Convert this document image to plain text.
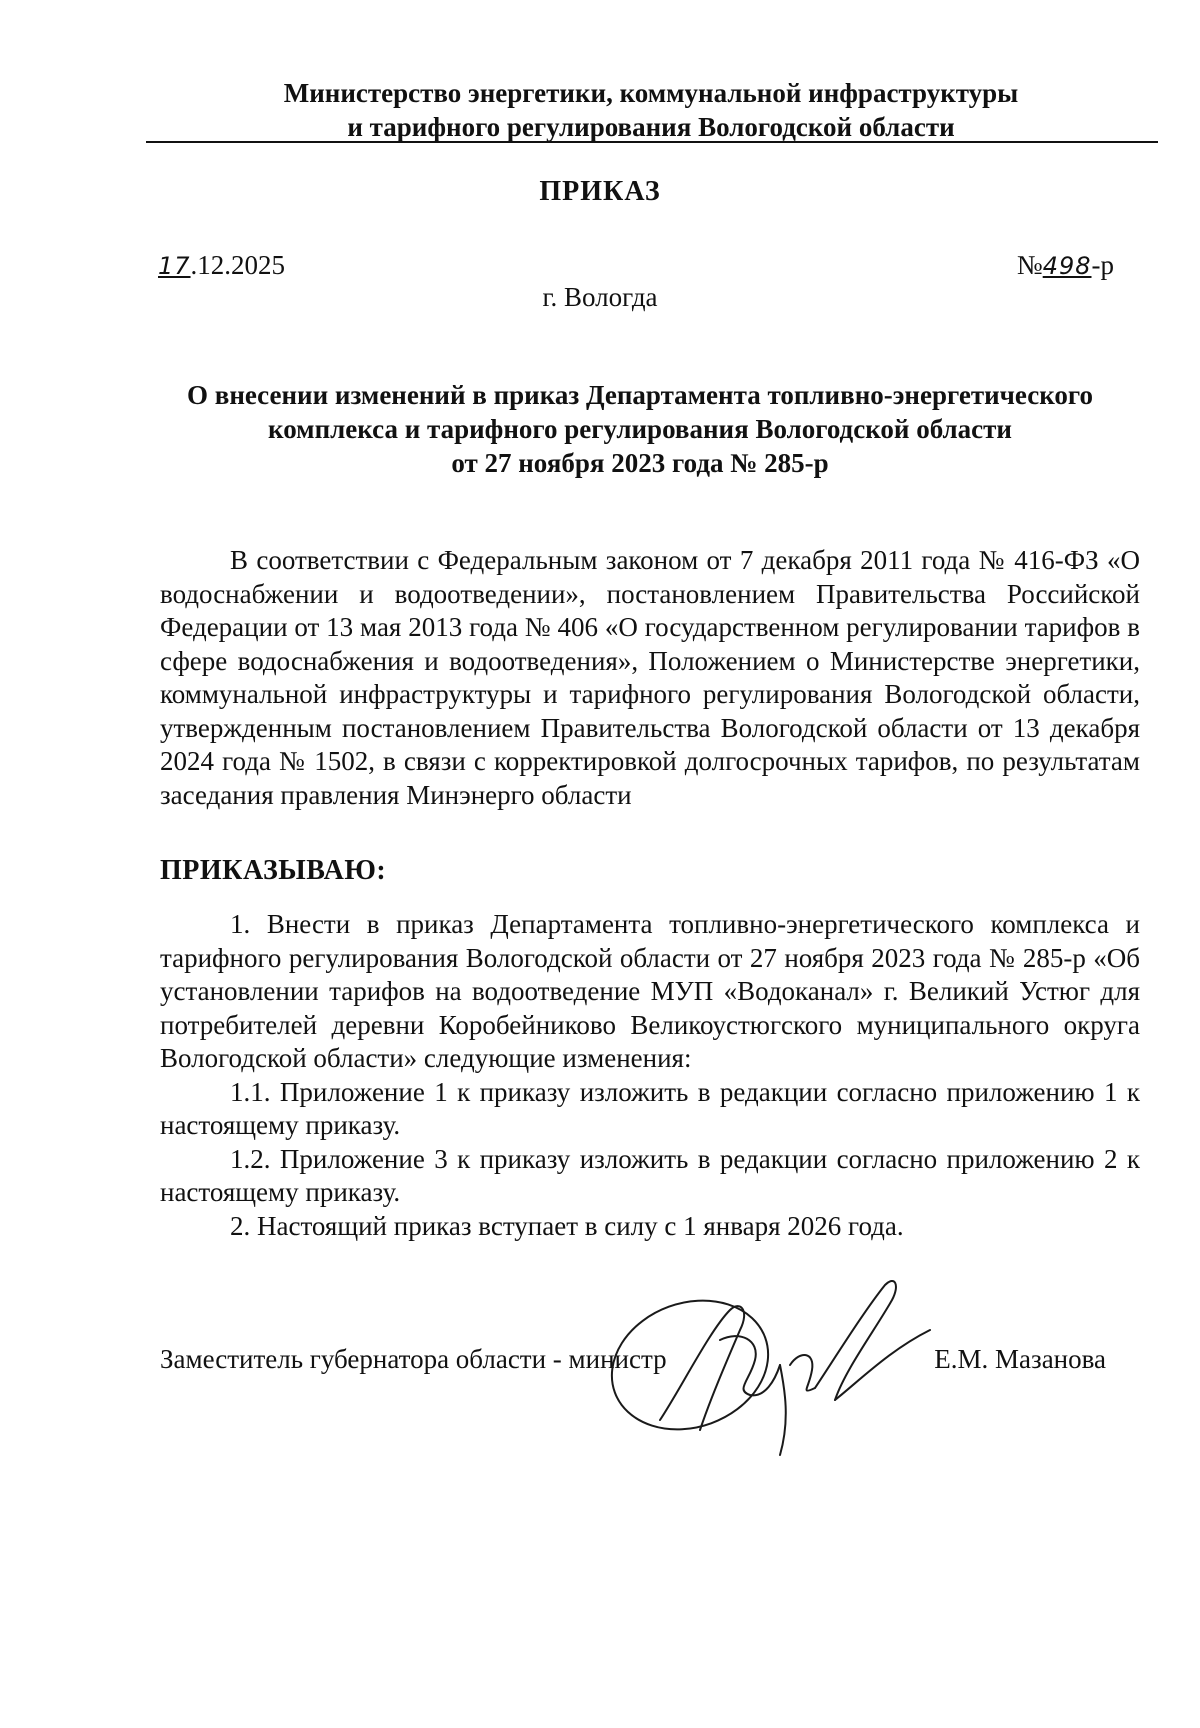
Министерство энергетики, коммунальной инфраструктуры
и тарифного регулирования Вологодской области
ПРИКАЗ
17.12.2025	№498-р
г. Вологда
О внесении изменений в приказ Департамента топливно-энергетического
комплекса и тарифного регулирования Вологодской области
от 27 ноября 2023 года № 285-р

В соответствии с Федеральным законом от 7 декабря 2011 года № 416-ФЗ «О водоснабжении и водоотведении», постановлением Правительства Российской Федерации от 13 мая 2013 года № 406 «О государственном регулировании тарифов в сфере водоснабжения и водоотведения», Положением о Министерстве энергетики, коммунальной инфраструктуры и тарифного регулирования Вологодской области, утвержденным постановлением Правительства Вологодской области от 13 декабря 2024 года № 1502, в связи с корректировкой долгосрочных тарифов, по результатам заседания правления Минэнерго области

ПРИКАЗЫВАЮ:

1. Внести в приказ Департамента топливно-энергетического комплекса и тарифного регулирования Вологодской области от 27 ноября 2023 года № 285-р «Об установлении тарифов на водоотведение МУП «Водоканал» г. Великий Устюг для потребителей деревни Коробейниково Великоустюгского муниципального округа Вологодской области» следующие изменения:

1.1. Приложение 1 к приказу изложить в редакции согласно приложению 1 к настоящему приказу.

1.2. Приложение 3 к приказу изложить в редакции согласно приложению 2 к настоящему приказу.

2. Настоящий приказ вступает в силу с 1 января 2026 года.

Заместитель губернатора области - министр	Е.М. Мазанова
